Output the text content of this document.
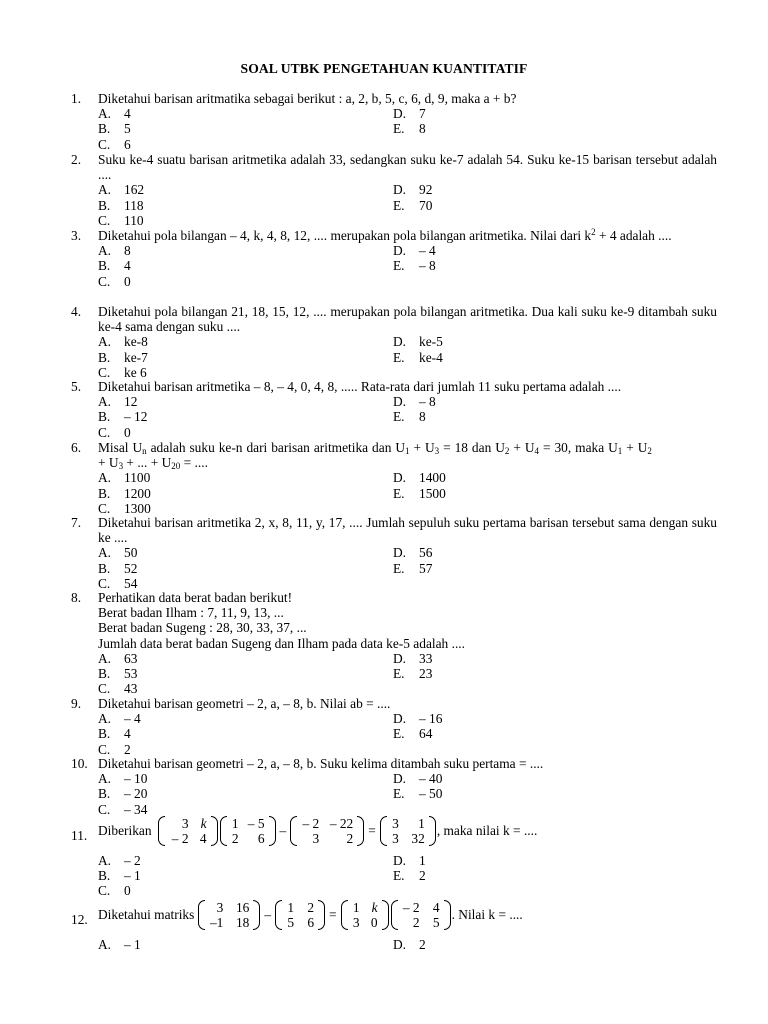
SOAL UTBK PENGETAHUAN KUANTITATIF
1.	Diketahui barisan aritmatika sebagai berikut : a, 2, b, 5, c, 6, d, 9, maka a + b?
A. 4	D. 7
B. 5	E. 8
C. 6
2.	Suku ke-4 suatu barisan aritmetika adalah 33, sedangkan suku ke-7 adalah 54. Suku ke-15 barisan tersebut adalah ....
A. 162	D. 92
B. 118	E. 70
C. 110
3.	Diketahui pola bilangan – 4, k, 4, 8, 12, .... merupakan pola bilangan aritmetika. Nilai dari $k^2 + 4$ adalah ....
A. 8	D. – 4
B. 4	E. – 8
C. 0
4.	Diketahui pola bilangan 21, 18, 15, 12, .... merupakan pola bilangan aritmetika. Dua kali suku ke-9 ditambah suku ke-4 sama dengan suku ....
A. ke-8	D. ke-5
B. ke-7	E. ke-4
C. ke 6
5.	Diketahui barisan aritmetika – 8, – 4, 0, 4, 8, ..... Rata-rata dari jumlah 11 suku pertama adalah ....
A. 12	D. – 8
B. – 12	E. 8
C. 0
6.	Misal $U_n$ adalah suku ke-n dari barisan aritmetika dan $U_1 + U_3 = 18$ dan $U_2 + U_4 = 30$, maka $U_1 + U_2$
+ $U_3$ + ... + $U_{20}$ = ....
A. 1100	D. 1400
B. 1200	E. 1500
C. 1300
7.	Diketahui barisan aritmetika 2, x, 8, 11, y, 17, .... Jumlah sepuluh suku pertama barisan tersebut sama dengan suku ke ....
A. 50	D. 56
B. 52	E. 57
C. 54
8.	Perhatikan data berat badan berikut!
Berat badan Ilham : 7, 11, 9, 13, ...
Berat badan Sugeng : 28, 30, 33, 37, ...
Jumlah data berat badan Sugeng dan Ilham pada data ke-5 adalah ....
A. 63	D. 33
B. 53	E. 23
C. 43
9.	Diketahui barisan geometri – 2, a, – 8, b. Nilai ab = ....
A. – 4	D. – 16
B. 4	E. 64
C. 2
10. Diketahui barisan geometri – 2, a, – 8, b. Suku kelima ditambah suku pertama = ....
A. – 10	D. – 40
B. – 20	E. – 50
C. – 34
11. Diberikan	3 k
– 2 4
1 – 5
2	6
–	– 2 – 22
3	2
=	3	1
3 32
, maka nilai k = ....
A. – 2	D. 1
B. – 1	E. 2
C. 0
12. Diketahui matriks	3 16
–1 18
–	1 2
5 6
=	1 k
3 0
– 2 4
2 5
. Nilai k = ....
A. – 1	D. 2
